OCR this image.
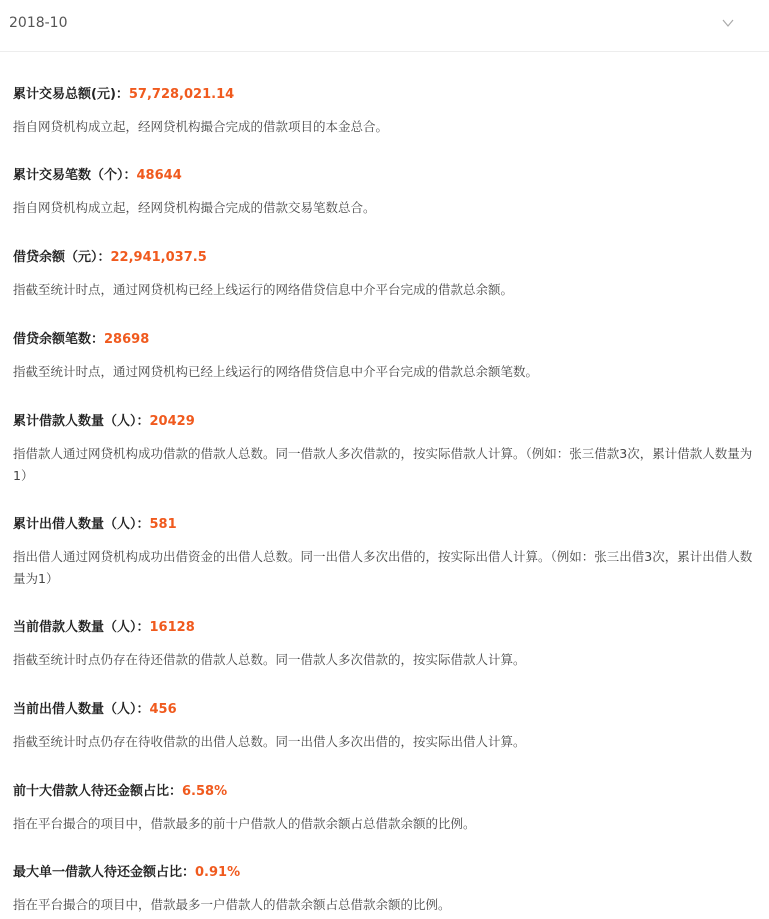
2018-10
累计交易总额(元)：57,728,021.14
指自网贷机构成立起，经网贷机构撮合完成的借款项目的本金总合。
累计交易笔数（个）：48644
指自网贷机构成立起，经网贷机构撮合完成的借款交易笔数总合。
借贷余额（元）：22,941,037.5
指截至统计时点，通过网贷机构已经上线运行的网络借贷信息中介平台完成的借款总余额。
借贷余额笔数：28698
指截至统计时点，通过网贷机构已经上线运行的网络借贷信息中介平台完成的借款总余额笔数。
累计借款人数量（人）：20429
指借款人通过网贷机构成功借款的借款人总数。同一借款人多次借款的，按实际借款人计算。（例如：张三借款3次，累计借款人数量为1）
累计出借人数量（人）：581
指出借人通过网贷机构成功出借资金的出借人总数。同一出借人多次出借的，按实际出借人计算。（例如：张三出借3次，累计出借人数量为1）
当前借款人数量（人）：16128
指截至统计时点仍存在待还借款的借款人总数。同一借款人多次借款的，按实际借款人计算。
当前出借人数量（人）：456
指截至统计时点仍存在待收借款的出借人总数。同一出借人多次出借的，按实际出借人计算。
前十大借款人待还金额占比：6.58%
指在平台撮合的项目中，借款最多的前十户借款人的借款余额占总借款余额的比例。
最大单一借款人待还金额占比：0.91%
指在平台撮合的项目中，借款最多一户借款人的借款余额占总借款余额的比例。
